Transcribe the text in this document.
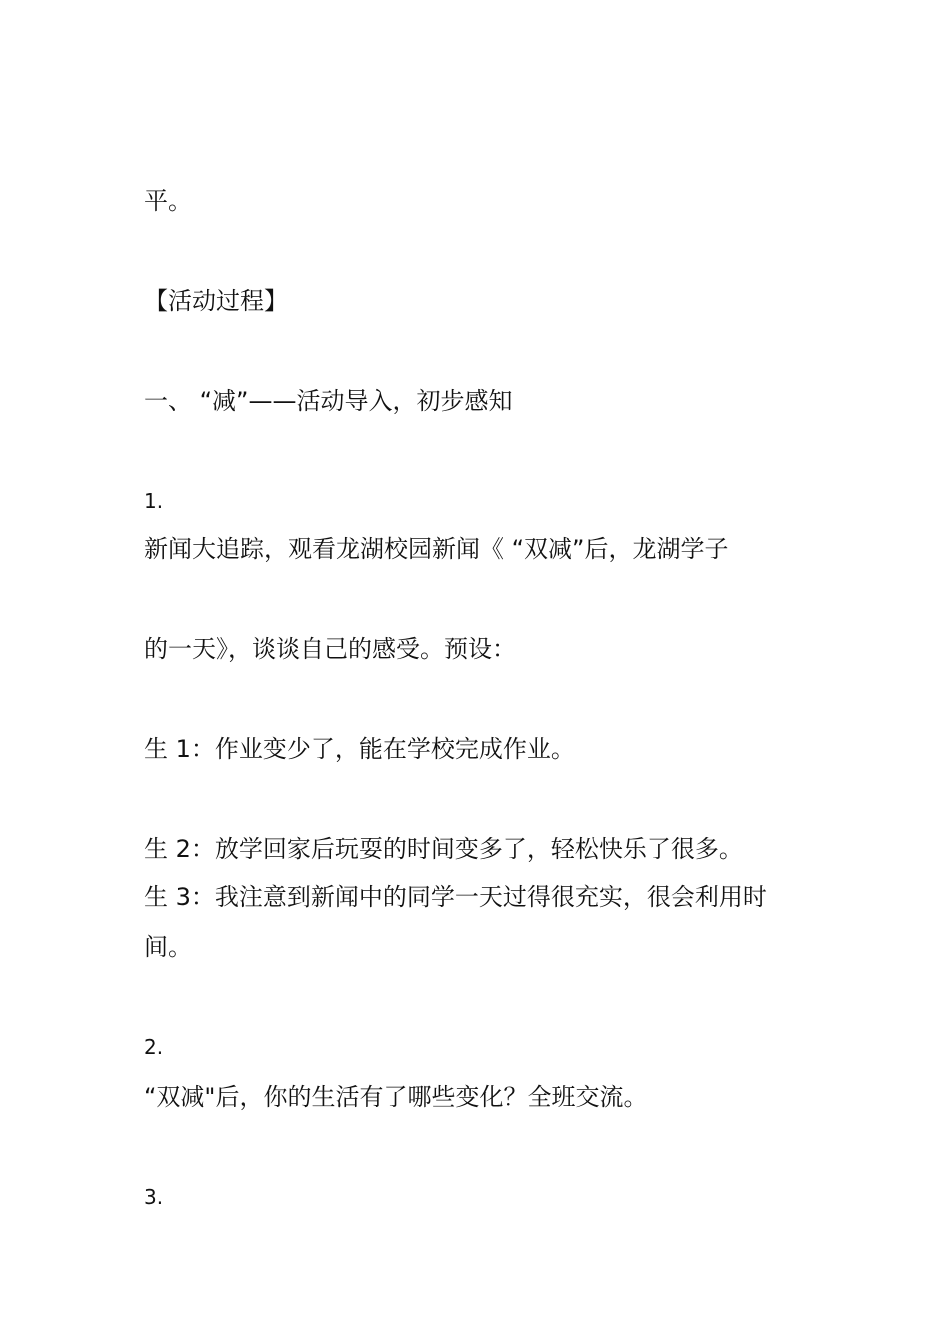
平。
【活动过程】
一、 “减”——活动导入，初步感知
1.
新闻大追踪，观看龙湖校园新闻《 “双减”后，龙湖学子
的一天》，谈谈自己的感受。预设：
生 1：作业变少了，能在学校完成作业。
生 2：放学回家后玩耍的时间变多了，轻松快乐了很多。
生 3：我注意到新闻中的同学一天过得很充实，很会利用时
间。
2.
“双减"后，你的生活有了哪些变化？全班交流。
3.
